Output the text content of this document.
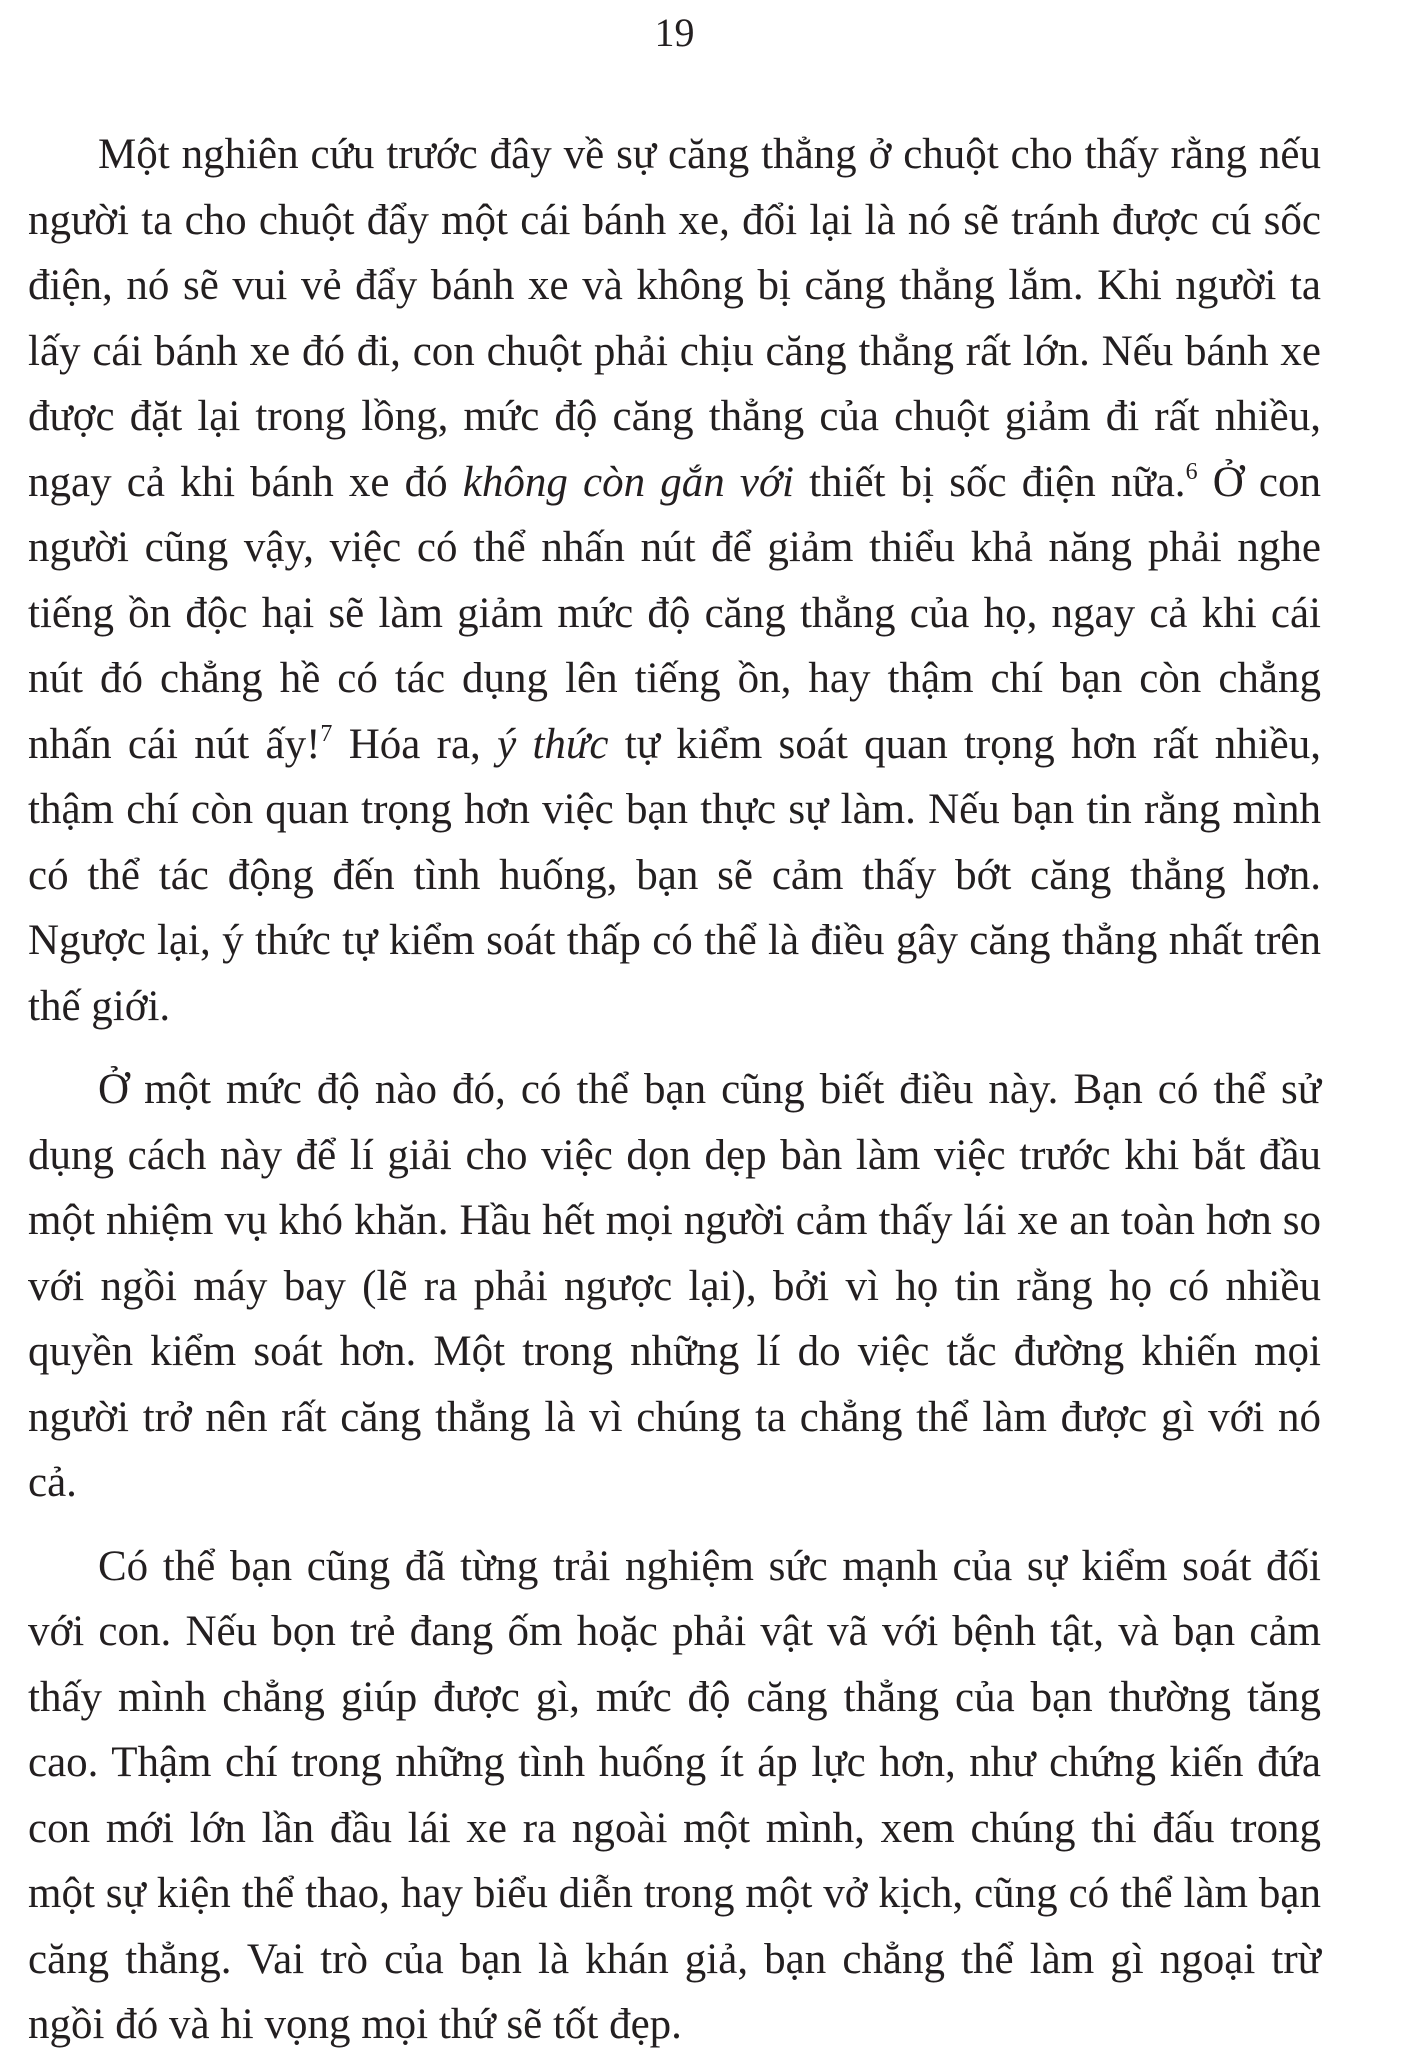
19

Một nghiên cứu trước đây về sự căng thẳng ở chuột cho thấy rằng nếu người ta cho chuột đẩy một cái bánh xe, đổi lại là nó sẽ tránh được cú sốc điện, nó sẽ vui vẻ đẩy bánh xe và không bị căng thẳng lắm. Khi người ta lấy cái bánh xe đó đi, con chuột phải chịu căng thẳng rất lớn. Nếu bánh xe được đặt lại trong lồng, mức độ căng thẳng của chuột giảm đi rất nhiều, ngay cả khi bánh xe đó không còn gắn với thiết bị sốc điện nữa.$^6$ Ở con người cũng vậy, việc có thể nhấn nút để giảm thiểu khả năng phải nghe tiếng ồn độc hại sẽ làm giảm mức độ căng thẳng của họ, ngay cả khi cái nút đó chẳng hề có tác dụng lên tiếng ồn, hay thậm chí bạn còn chẳng nhấn cái nút ấy!$^7$ Hóa ra, ý thức tự kiểm soát quan trọng hơn rất nhiều, thậm chí còn quan trọng hơn việc bạn thực sự làm. Nếu bạn tin rằng mình có thể tác động đến tình huống, bạn sẽ cảm thấy bớt căng thẳng hơn. Ngược lại, ý thức tự kiểm soát thấp có thể là điều gây căng thẳng nhất trên thế giới.

Ở một mức độ nào đó, có thể bạn cũng biết điều này. Bạn có thể sử dụng cách này để lí giải cho việc dọn dẹp bàn làm việc trước khi bắt đầu một nhiệm vụ khó khăn. Hầu hết mọi người cảm thấy lái xe an toàn hơn so với ngồi máy bay (lẽ ra phải ngược lại), bởi vì họ tin rằng họ có nhiều quyền kiểm soát hơn. Một trong những lí do việc tắc đường khiến mọi người trở nên rất căng thẳng là vì chúng ta chẳng thể làm được gì với nó cả.

Có thể bạn cũng đã từng trải nghiệm sức mạnh của sự kiểm soát đối với con. Nếu bọn trẻ đang ốm hoặc phải vật vã với bệnh tật, và bạn cảm thấy mình chẳng giúp được gì, mức độ căng thẳng của bạn thường tăng cao. Thậm chí trong những tình huống ít áp lực hơn, như chứng kiến đứa con mới lớn lần đầu lái xe ra ngoài một mình, xem chúng thi đấu trong một sự kiện thể thao, hay biểu diễn trong một vở kịch, cũng có thể làm bạn căng thẳng. Vai trò của bạn là khán giả, bạn chẳng thể làm gì ngoại trừ ngồi đó và hi vọng mọi thứ sẽ tốt đẹp.
